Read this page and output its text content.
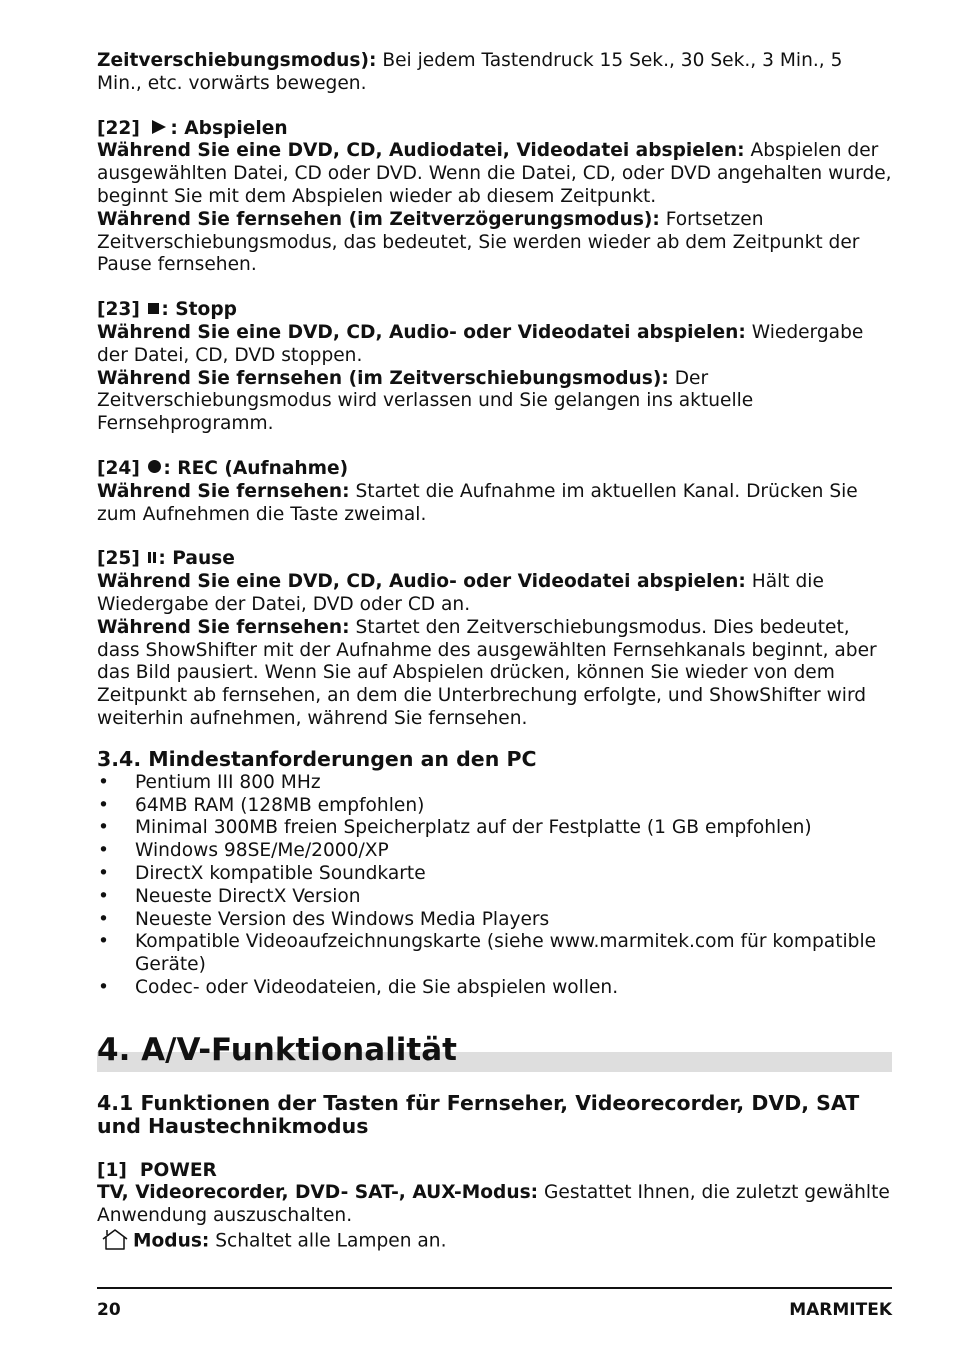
Zeitverschiebungsmodus): Bei jedem Tastendruck 15 Sek., 30 Sek., 3 Min., 5 Min., etc. vorwärts bewegen.

[22] : Abspielen

Während Sie eine DVD, CD, Audiodatei, Videodatei abspielen: Abspielen der ausgewählten Datei, CD oder DVD. Wenn die Datei, CD, oder DVD angehalten wurde, beginnt Sie mit dem Abspielen wieder ab diesem Zeitpunkt.

Während Sie fernsehen (im Zeitverzögerungsmodus): Fortsetzen Zeitverschiebungsmodus, das bedeutet, Sie werden wieder ab dem Zeitpunkt der Pause fernsehen.

[23] : Stopp

Während Sie eine DVD, CD, Audio- oder Videodatei abspielen: Wiedergabe der Datei, CD, DVD stoppen.

Während Sie fernsehen (im Zeitverschiebungsmodus): Der Zeitverschiebungsmodus wird verlassen und Sie gelangen ins aktuelle Fernsehprogramm.

[24] : REC (Aufnahme)

Während Sie fernsehen: Startet die Aufnahme im aktuellen Kanal. Drücken Sie zum Aufnehmen die Taste zweimal.

[25] : Pause

Während Sie eine DVD, CD, Audio- oder Videodatei abspielen: Hält die Wiedergabe der Datei, DVD oder CD an.

Während Sie fernsehen: Startet den Zeitverschiebungsmodus. Dies bedeutet, dass ShowShifter mit der Aufnahme des ausgewählten Fernsehkanals beginnt, aber das Bild pausiert. Wenn Sie auf Abspielen drücken, können Sie wieder von dem Zeitpunkt ab fernsehen, an dem die Unterbrechung erfolgte, und ShowShifter wird weiterhin aufnehmen, während Sie fernsehen.

3.4. Mindestanforderungen an den PC
• Pentium III 800 MHz
• 64MB RAM (128MB empfohlen)
• Minimal 300MB freien Speicherplatz auf der Festplatte (1 GB empfohlen)
• Windows 98SE/Me/2000/XP
• DirectX kompatible Soundkarte
• Neueste DirectX Version
• Neueste Version des Windows Media Players
• Kompatible Videoaufzeichnungskarte (siehe www.marmitek.com für kompatible Geräte)
• Codec- oder Videodateien, die Sie abspielen wollen.
4. A/V-Funktionalität
4.1 Funktionen der Tasten für Fernseher, Videorecorder, DVD, SAT und Haustechnikmodus

[1] POWER

TV, Videorecorder, DVD- SAT-, AUX-Modus: Gestattet Ihnen, die zuletzt gewählte Anwendung auszuschalten.

Modus: Schaltet alle Lampen an.

20	MARMITEK
